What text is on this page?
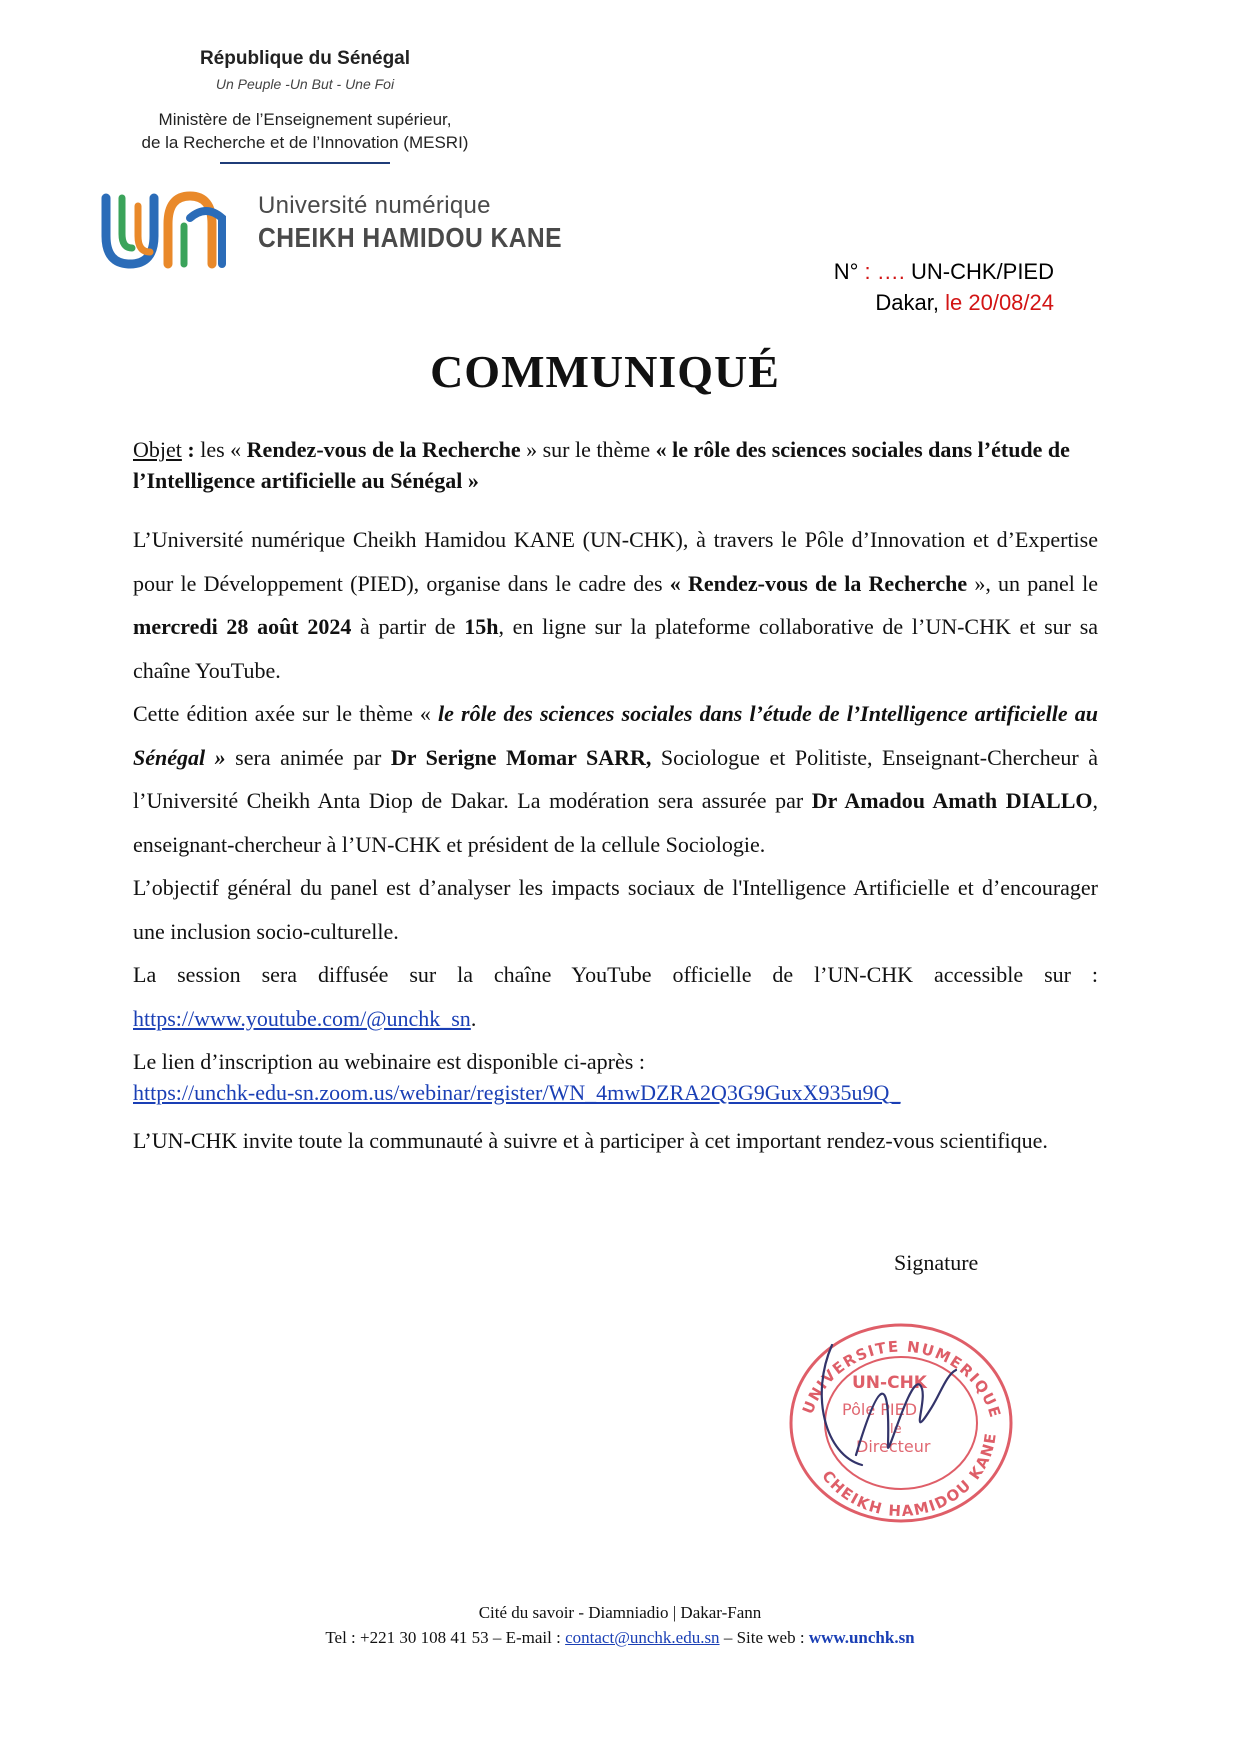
République du Sénégal
Un Peuple -Un But - Une Foi
Ministère de l’Enseignement supérieur,
de la Recherche et de l’Innovation (MESRI)
Université numérique
CHEIKH HAMIDOU KANE
N° : …. UN-CHK/PIED
Dakar, le 20/08/24
COMMUNIQUÉ

Objet : les « Rendez-vous de la Recherche » sur le thème « le rôle des sciences sociales dans l’étude de l’Intelligence artificielle au Sénégal »

L’Université numérique Cheikh Hamidou KANE (UN-CHK), à travers le Pôle d’Innovation et d’Expertise pour le Développement (PIED), organise dans le cadre des « Rendez-vous de la Recherche », un panel le mercredi 28 août 2024 à partir de 15h, en ligne sur la plateforme collaborative de l’UN-CHK et sur sa chaîne YouTube.

Cette édition axée sur le thème « le rôle des sciences sociales dans l’étude de l’Intelligence artificielle au Sénégal » sera animée par Dr Serigne Momar SARR, Sociologue et Politiste, Enseignant-Chercheur à l’Université Cheikh Anta Diop de Dakar. La modération sera assurée par Dr Amadou Amath DIALLO, enseignant-chercheur à l’UN-CHK et président de la cellule Sociologie.

L’objectif général du panel est d’analyser les impacts sociaux de l'Intelligence Artificielle et d’encourager une inclusion socio-culturelle.

La session sera diffusée sur la chaîne YouTube officielle de l’UN-CHK accessible sur : https://www.youtube.com/@unchk_sn.

Le lien d’inscription au webinaire est disponible ci-après :
https://unchk-edu-sn.zoom.us/webinar/register/WN_4mwDZRA2Q3G9GuxX935u9Q_

L’UN-CHK invite toute la communauté à suivre et à participer à cet important rendez-vous scientifique.

Signature
UNIVERSITE NUMERIQUE
CHEIKH HAMIDOU KANE
UN-CHK
Pôle PIED
le
Directeur
Cité du savoir - Diamniadio | Dakar-Fann
Tel : +221 30 108 41 53 – E-mail : contact@unchk.edu.sn – Site web : www.unchk.sn
